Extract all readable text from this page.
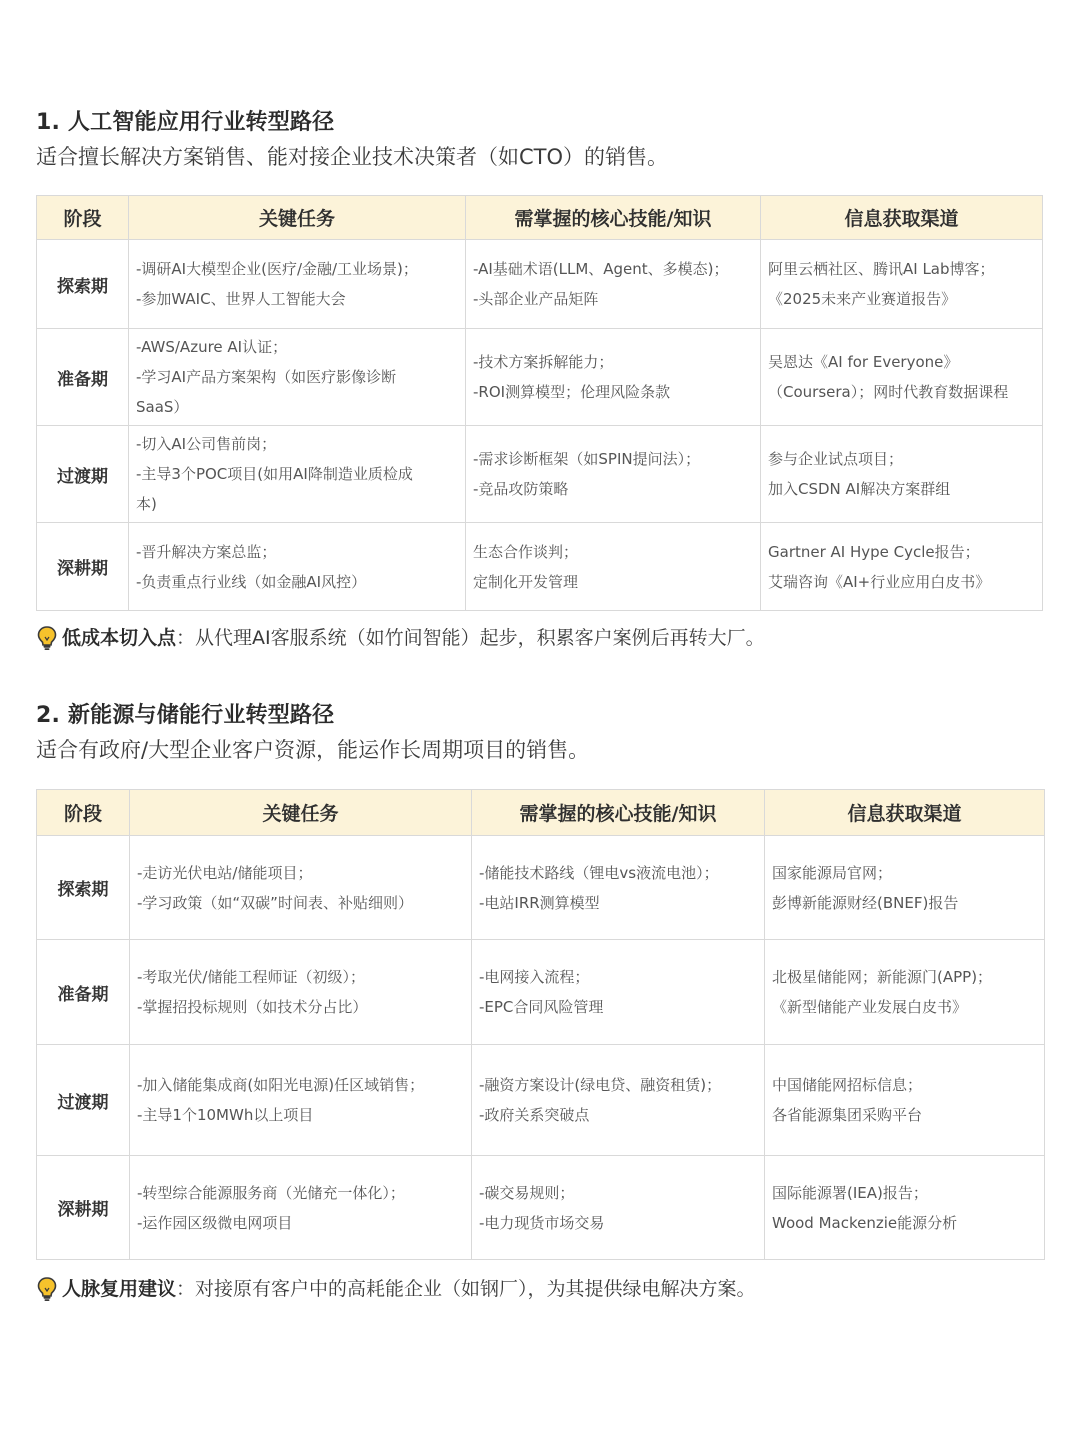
1. 人工智能应用行业转型路径

适合擅长解决方案销售、能对接企业技术决策者（如CTO）的销售。

阶段	关键任务	需掌握的核心技能/知识	信息获取渠道
探索期	-调研AI大模型企业(医疗/金融/工业场景)；
-参加WAIC、世界人工智能大会	-AI基础术语(LLM、Agent、多模态)；
-头部企业产品矩阵	阿里云栖社区、腾讯AI Lab博客；
《2025未来产业赛道报告》

准备期	-AWS/Azure AI认证；
-学习AI产品方案架构（如医疗影像诊断
SaaS）	-技术方案拆解能力；
-ROI测算模型；伦理风险条款	吴恩达《AI for Everyone》
（Coursera）；网时代教育数据课程

过渡期	-切入AI公司售前岗；
-主导3个POC项目(如用AI降制造业质检成
本)	-需求诊断框架（如SPIN提问法）；
-竞品攻防策略	参与企业试点项目；
加入CSDN AI解决方案群组

深耕期	-晋升解决方案总监；
-负责重点行业线（如金融AI风控）	生态合作谈判；
定制化开发管理	Gartner AI Hype Cycle报告；
艾瑞咨询《AI+行业应用白皮书》
低成本切入点 ：从代理AI客服系统（如竹间智能）起步，积累客户案例后再转大厂。
2. 新能源与储能行业转型路径

适合有政府/大型企业客户资源，能运作长周期项目的销售。

阶段	关键任务	需掌握的核心技能/知识	信息获取渠道
探索期	-走访光伏电站/储能项目；
-学习政策（如“双碳”时间表、补贴细则）	-储能技术路线（锂电vs液流电池）；
-电站IRR测算模型	国家能源局官网；
彭博新能源财经(BNEF)报告

准备期	-考取光伏/储能工程师证（初级）；
-掌握招投标规则（如技术分占比）	-电网接入流程；
-EPC合同风险管理	北极星储能网；新能源门(APP)；
《新型储能产业发展白皮书》

过渡期	-加入储能集成商(如阳光电源)任区域销售；
-主导1个10MWh以上项目	-融资方案设计(绿电贷、融资租赁)；
-政府关系突破点	中国储能网招标信息；
各省能源集团采购平台

深耕期	-转型综合能源服务商（光储充一体化）；
-运作园区级微电网项目	-碳交易规则；
-电力现货市场交易	国际能源署(IEA)报告；
Wood Mackenzie能源分析
人脉复用建议 ：对接原有客户中的高耗能企业（如钢厂），为其提供绿电解决方案。
